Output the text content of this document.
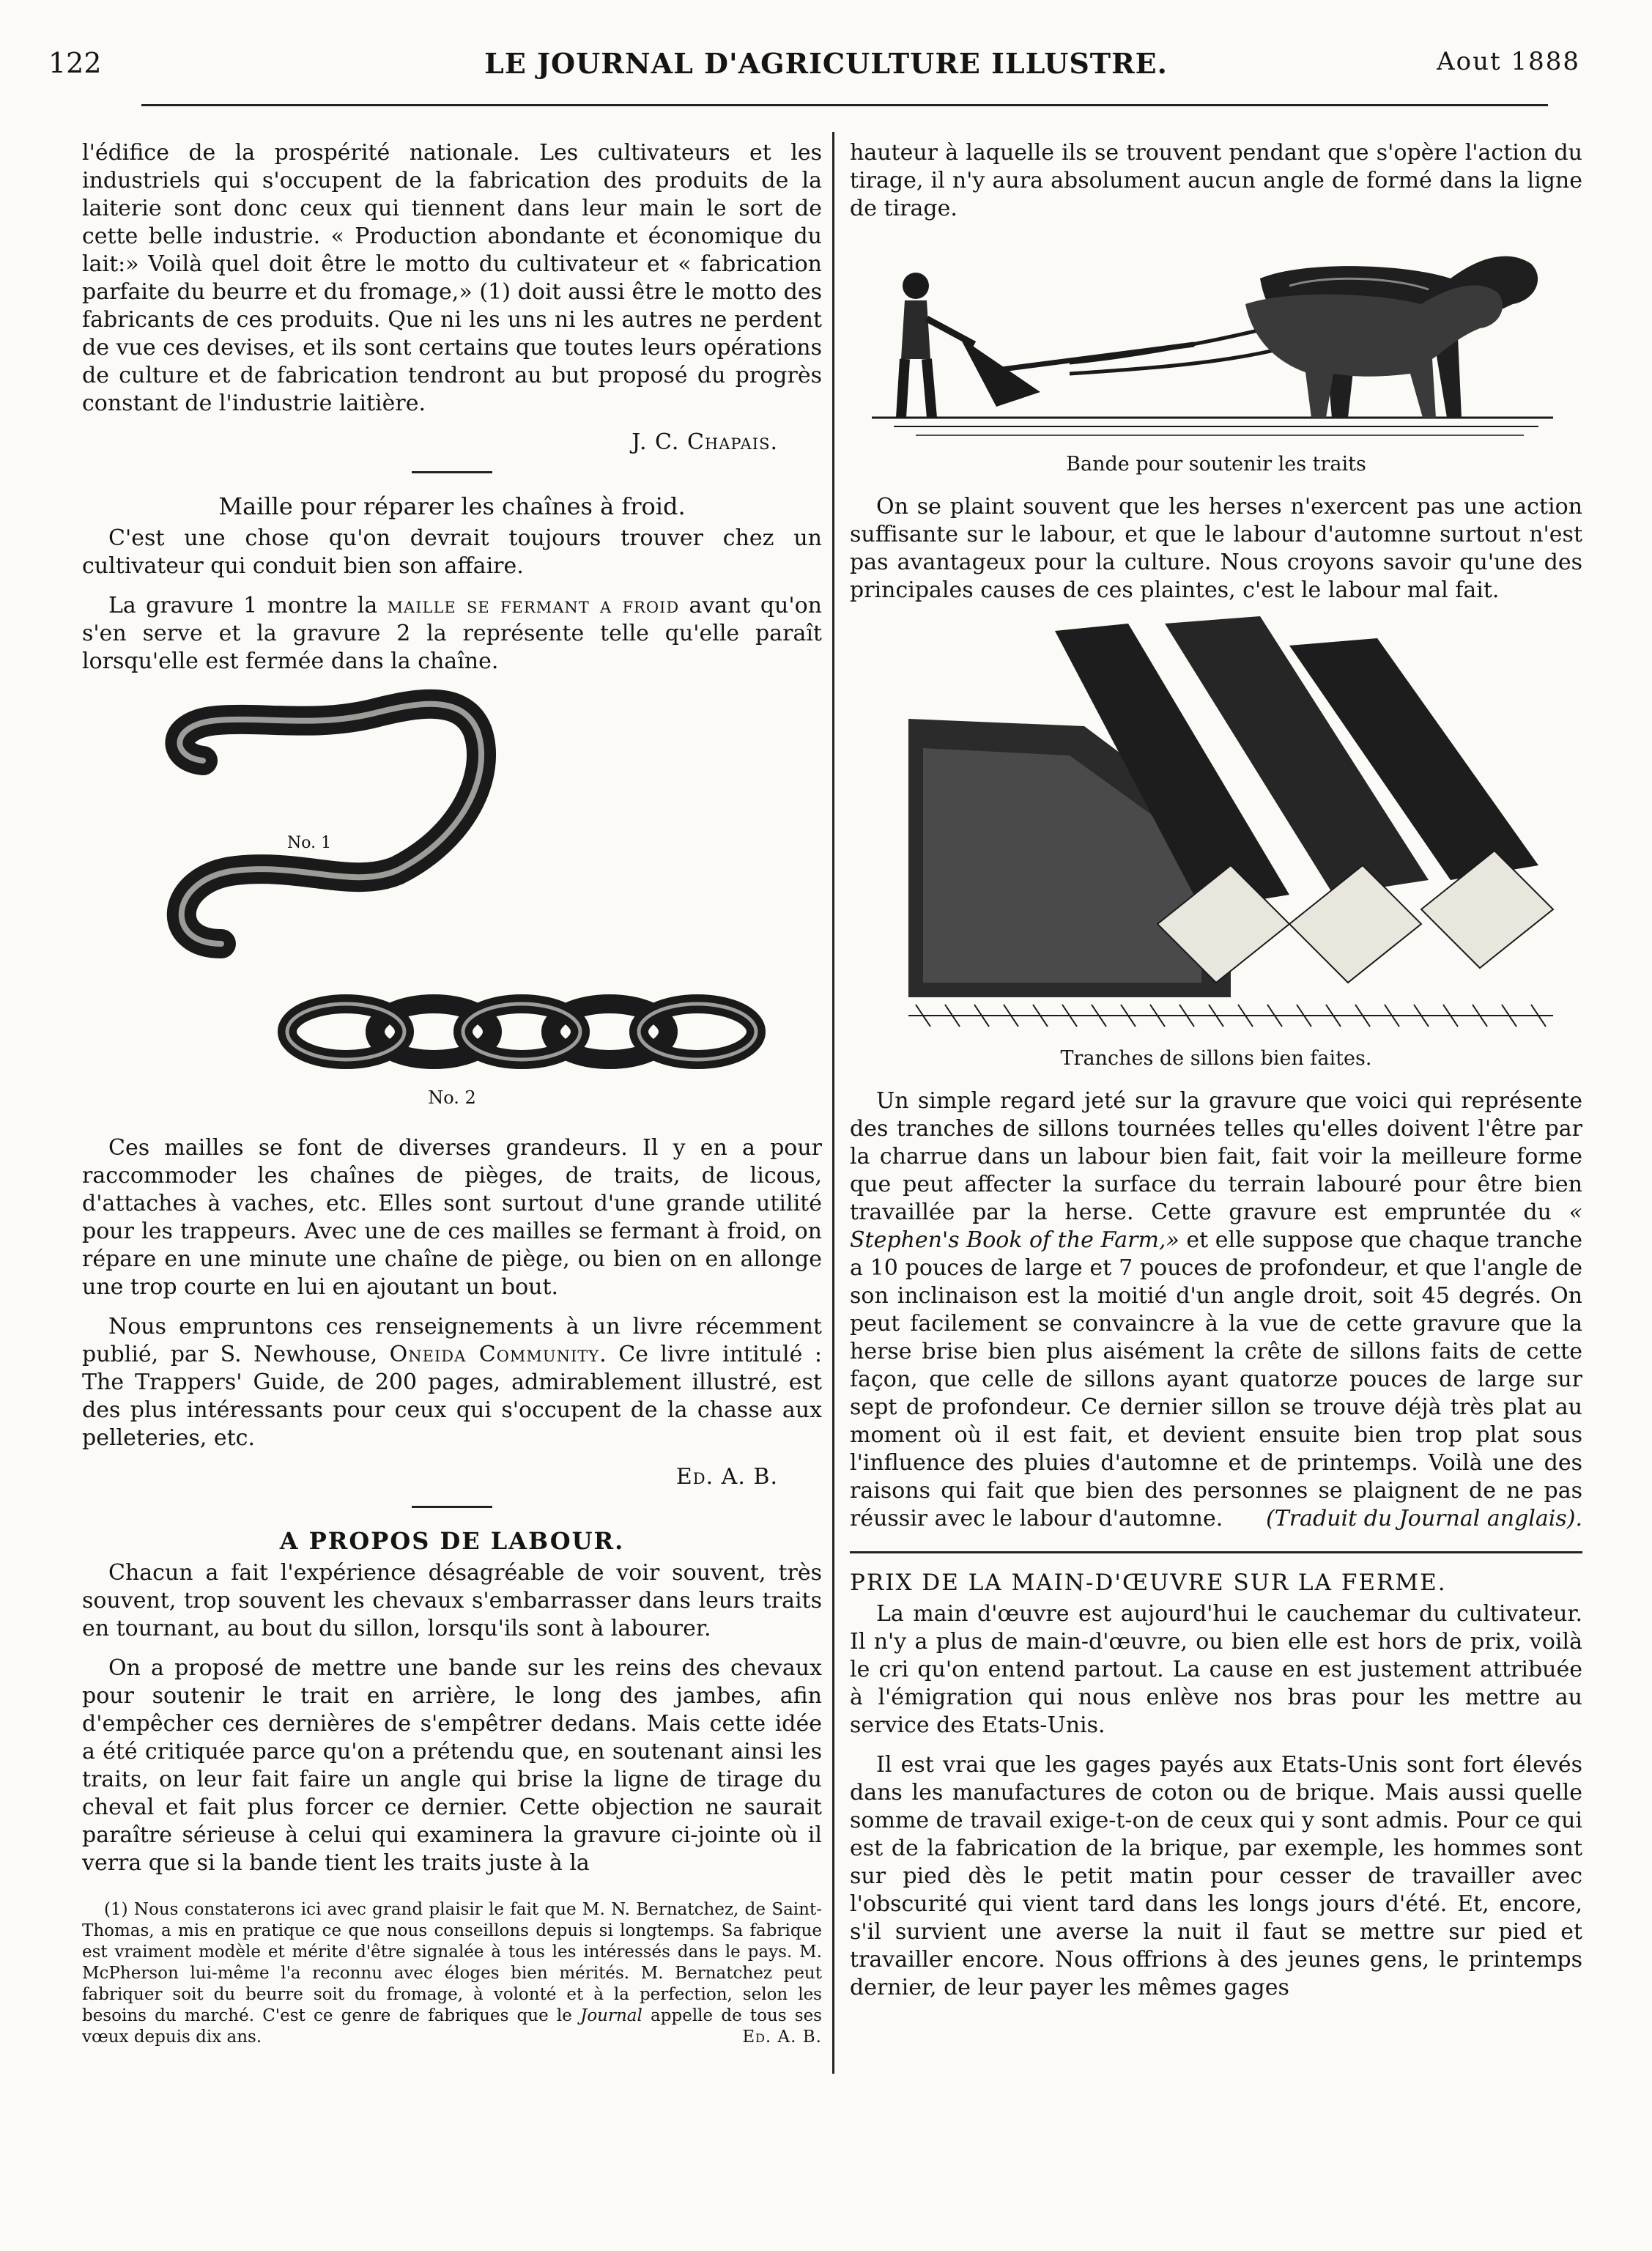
122	LE JOURNAL D'AGRICULTURE ILLUSTRE.	Aout 1888

l'édifice de la prospérité nationale. Les cultivateurs et les industriels qui s'occupent de la fabrication des produits de la laiterie sont donc ceux qui tiennent dans leur main le sort de cette belle industrie. « Production abondante et économique du lait:» Voilà quel doit être le motto du cultivateur et « fabrication parfaite du beurre et du fromage,» (1) doit aussi être le motto des fabricants de ces produits. Que ni les uns ni les autres ne perdent de vue ces devises, et ils sont certains que toutes leurs opérations de culture et de fabrication tendront au but proposé du progrès constant de l'industrie laitière.

J. C. Chapais.
Maille pour réparer les chaînes à froid.

C'est une chose qu'on devrait toujours trouver chez un cultivateur qui conduit bien son affaire.

La gravure 1 montre la maille se fermant a froid avant qu'on s'en serve et la gravure 2 la représente telle qu'elle paraît lorsqu'elle est fermée dans la chaîne.

No. 1
No. 2

Ces mailles se font de diverses grandeurs. Il y en a pour raccommoder les chaînes de pièges, de traits, de licous, d'attaches à vaches, etc. Elles sont surtout d'une grande utilité pour les trappeurs. Avec une de ces mailles se fermant à froid, on répare en une minute une chaîne de piège, ou bien on en allonge une trop courte en lui en ajoutant un bout.

Nous empruntons ces renseignements à un livre récemment publié, par S. Newhouse, Oneida Community. Ce livre intitulé : The Trappers' Guide, de 200 pages, admirablement illustré, est des plus intéressants pour ceux qui s'occupent de la chasse aux pelleteries, etc.

Ed. A. B.
A PROPOS DE LABOUR.

Chacun a fait l'expérience désagréable de voir souvent, très souvent, trop souvent les chevaux s'embarrasser dans leurs traits en tournant, au bout du sillon, lorsqu'ils sont à labourer.

On a proposé de mettre une bande sur les reins des chevaux pour soutenir le trait en arrière, le long des jambes, afin d'empêcher ces dernières de s'empêtrer dedans. Mais cette idée a été critiquée parce qu'on a prétendu que, en soutenant ainsi les traits, on leur fait faire un angle qui brise la ligne de tirage du cheval et fait plus forcer ce dernier. Cette objection ne saurait paraître sérieuse à celui qui examinera la gravure ci-jointe où il verra que si la bande tient les traits juste à la

(1) Nous constaterons ici avec grand plaisir le fait que M. N. Bernatchez, de Saint-Thomas, a mis en pratique ce que nous conseillons depuis si longtemps. Sa fabrique est vraiment modèle et mérite d'être signalée à tous les intéressés dans le pays. M. McPherson lui-même l'a reconnu avec éloges bien mérités. M. Bernatchez peut fabriquer soit du beurre soit du fromage, à volonté et à la perfection, selon les besoins du marché. C'est ce genre de fabriques que le Journal appelle de tous ses vœux depuis dix ans.	Ed. A. B.

hauteur à laquelle ils se trouvent pendant que s'opère l'action du tirage, il n'y aura absolument aucun angle de formé dans la ligne de tirage.

Bande pour soutenir les traits

On se plaint souvent que les herses n'exercent pas une action suffisante sur le labour, et que le labour d'automne surtout n'est pas avantageux pour la culture. Nous croyons savoir qu'une des principales causes de ces plaintes, c'est le labour mal fait.

Tranches de sillons bien faites.

Un simple regard jeté sur la gravure que voici qui représente des tranches de sillons tournées telles qu'elles doivent l'être par la charrue dans un labour bien fait, fait voir la meilleure forme que peut affecter la surface du terrain labouré pour être bien travaillée par la herse. Cette gravure est empruntée du « Stephen's Book of the Farm,» et elle suppose que chaque tranche a 10 pouces de large et 7 pouces de profondeur, et que l'angle de son inclinaison est la moitié d'un angle droit, soit 45 degrés. On peut facilement se convaincre à la vue de cette gravure que la herse brise bien plus aisément la crête de sillons faits de cette façon, que celle de sillons ayant quatorze pouces de large sur sept de profondeur. Ce dernier sillon se trouve déjà très plat au moment où il est fait, et devient ensuite bien trop plat sous l'influence des pluies d'automne et de printemps. Voilà une des raisons qui fait que bien des personnes se plaignent de ne pas réussir avec le labour d'automne.	(Traduit du Journal anglais).

PRIX DE LA MAIN-D'ŒUVRE SUR LA FERME.

La main d'œuvre est aujourd'hui le cauchemar du cultivateur. Il n'y a plus de main-d'œuvre, ou bien elle est hors de prix, voilà le cri qu'on entend partout. La cause en est justement attribuée à l'émigration qui nous enlève nos bras pour les mettre au service des Etats-Unis.

Il est vrai que les gages payés aux Etats-Unis sont fort élevés dans les manufactures de coton ou de brique. Mais aussi quelle somme de travail exige-t-on de ceux qui y sont admis. Pour ce qui est de la fabrication de la brique, par exemple, les hommes sont sur pied dès le petit matin pour cesser de travailler avec l'obscurité qui vient tard dans les longs jours d'été. Et, encore, s'il survient une averse la nuit il faut se mettre sur pied et travailler encore. Nous offrions à des jeunes gens, le printemps dernier, de leur payer les mêmes gages
